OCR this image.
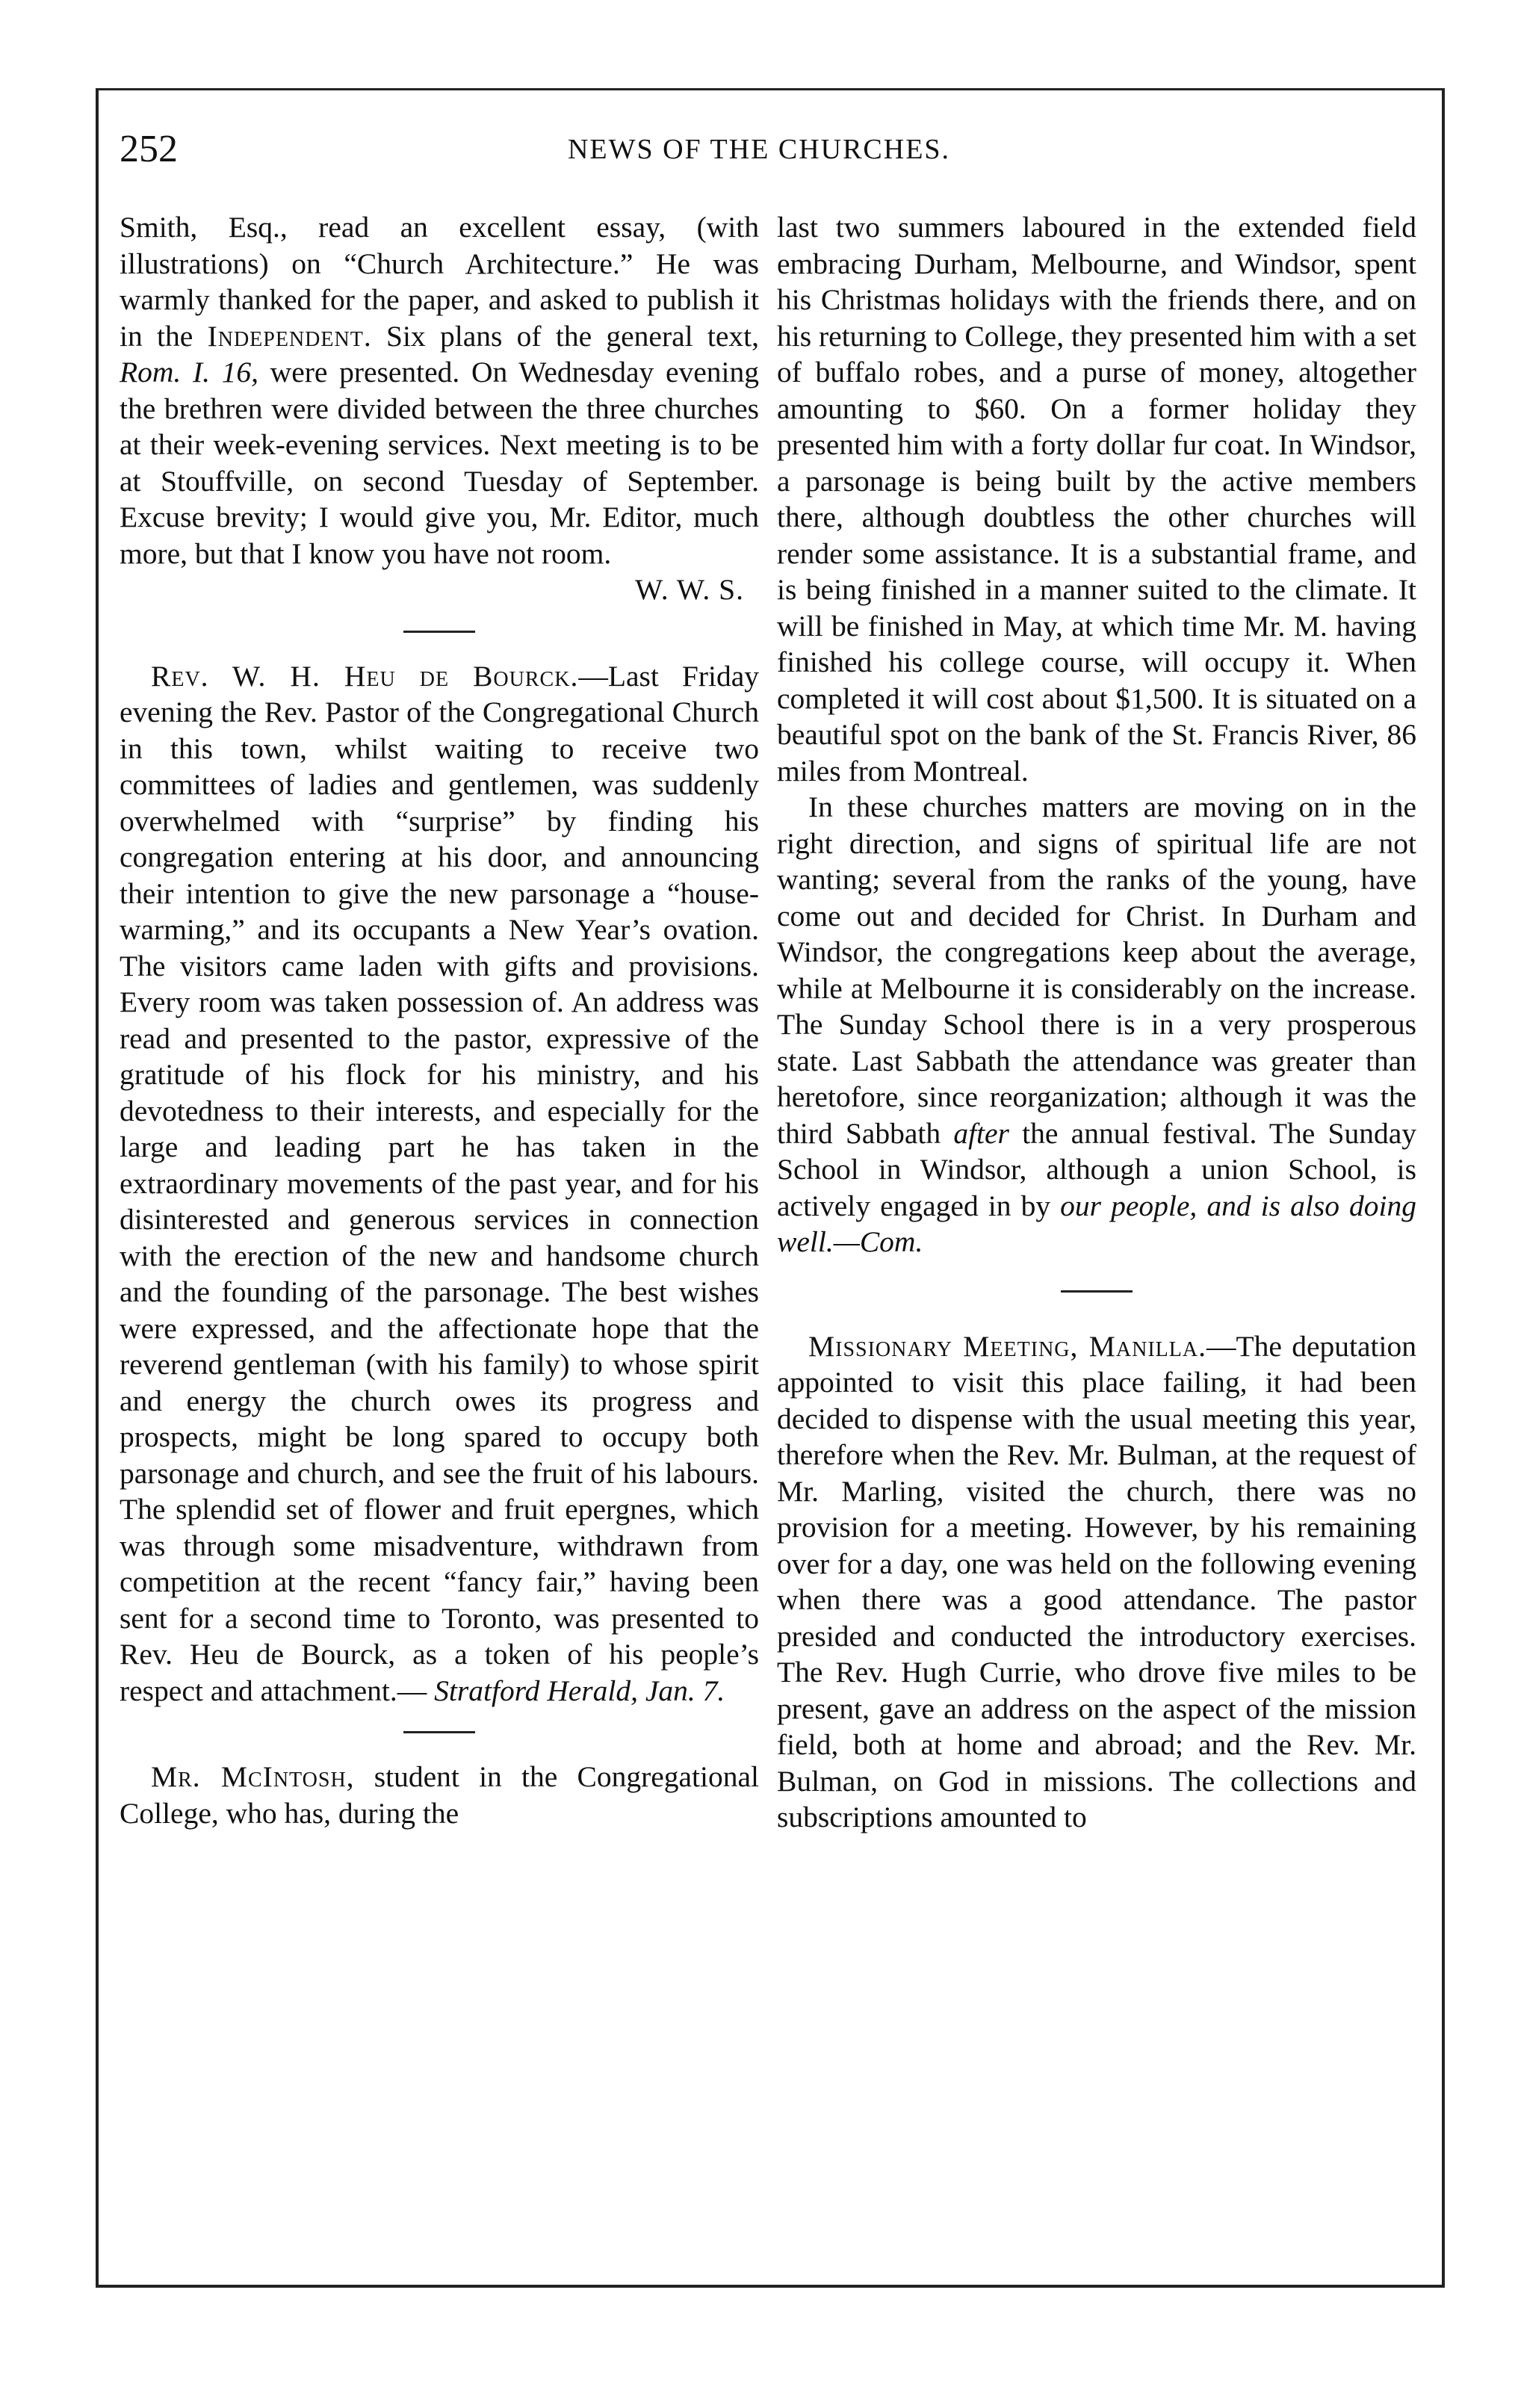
252	NEWS OF THE CHURCHES.

Smith, Esq., read an excellent essay, (with illustrations) on “Church Architecture.” He was warmly thanked for the paper, and asked to publish it in the Independent. Six plans of the general text, Rom. I. 16, were presented. On Wednesday evening the brethren were divided between the three churches at their week-evening services. Next meeting is to be at Stouffville, on second Tuesday of September. Excuse brevity; I would give you, Mr. Editor, much more, but that I know you have not room.
W. W. S.

Rev. W. H. Heu de Bourck.—Last Friday evening the Rev. Pastor of the Congregational Church in this town, whilst waiting to receive two committees of ladies and gentlemen, was suddenly overwhelmed with “surprise” by finding his congregation entering at his door, and announcing their intention to give the new parsonage a “house-warming,” and its occupants a New Year’s ovation. The visitors came laden with gifts and provisions. Every room was taken possession of. An address was read and presented to the pastor, expressive of the gratitude of his flock for his ministry, and his devotedness to their interests, and especially for the large and leading part he has taken in the extraordinary movements of the past year, and for his disinterested and generous services in connection with the erection of the new and handsome church and the founding of the parsonage. The best wishes were expressed, and the affectionate hope that the reverend gentleman (with his family) to whose spirit and energy the church owes its progress and prospects, might be long spared to occupy both parsonage and church, and see the fruit of his labours. The splendid set of flower and fruit epergnes, which was through some misadventure, withdrawn from competition at the recent “fancy fair,” having been sent for a second time to Toronto, was presented to Rev. Heu de Bourck, as a token of his people’s respect and attachment.— Stratford Herald, Jan. 7.

Mr. McIntosh, student in the Congregational College, who has, during the

last two summers laboured in the extended field embracing Durham, Melbourne, and Windsor, spent his Christmas holidays with the friends there, and on his returning to College, they presented him with a set of buffalo robes, and a purse of money, altogether amounting to $60. On a former holiday they presented him with a forty dollar fur coat. In Windsor, a parsonage is being built by the active members there, although doubtless the other churches will render some assistance. It is a substantial frame, and is being finished in a manner suited to the climate. It will be finished in May, at which time Mr. M. having finished his college course, will occupy it. When completed it will cost about $1,500. It is situated on a beautiful spot on the bank of the St. Francis River, 86 miles from Montreal.

In these churches matters are moving on in the right direction, and signs of spiritual life are not wanting; several from the ranks of the young, have come out and decided for Christ. In Durham and Windsor, the congregations keep about the average, while at Melbourne it is considerably on the increase. The Sunday School there is in a very prosperous state. Last Sabbath the attendance was greater than heretofore, since reorganization; although it was the third Sabbath after the annual festival. The Sunday School in Windsor, although a union School, is actively engaged in by our people, and is also doing well.—Com.

Missionary Meeting, Manilla.—The deputation appointed to visit this place failing, it had been decided to dispense with the usual meeting this year, therefore when the Rev. Mr. Bulman, at the request of Mr. Marling, visited the church, there was no provision for a meeting. However, by his remaining over for a day, one was held on the following evening when there was a good attendance. The pastor presided and conducted the introductory exercises. The Rev. Hugh Currie, who drove five miles to be present, gave an address on the aspect of the mission field, both at home and abroad; and the Rev. Mr. Bulman, on God in missions. The collections and subscriptions amounted to
